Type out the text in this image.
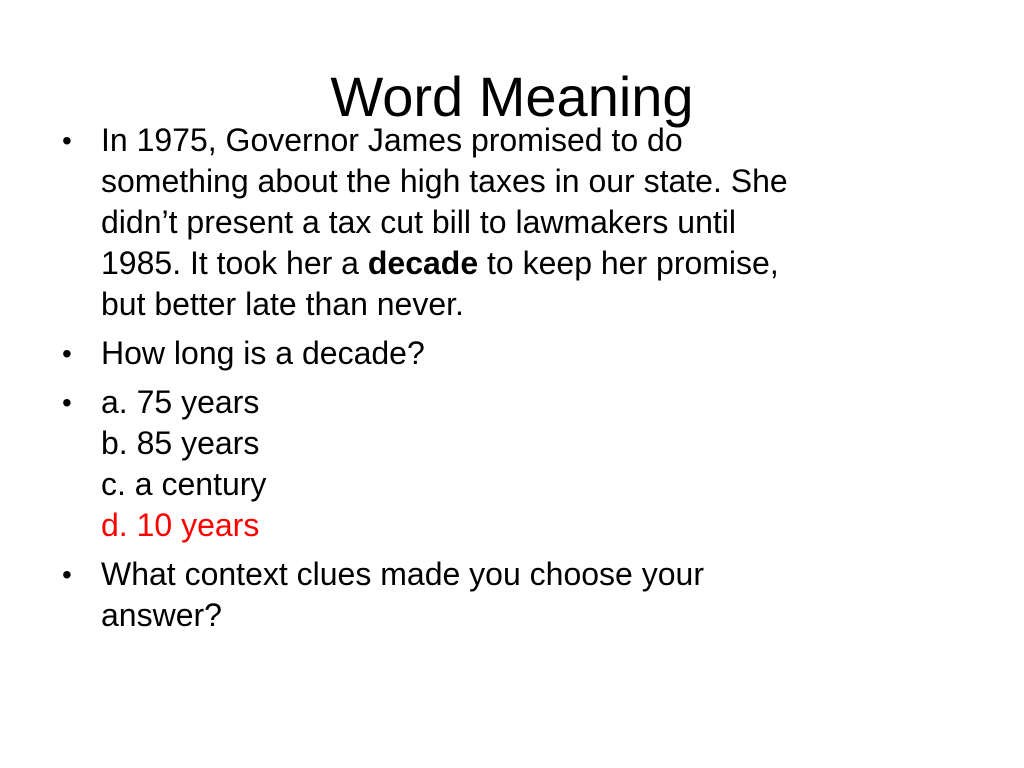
Word Meaning
• In 1975, Governor James promised to do
something about the high taxes in our state. She
didn’t present a tax cut bill to lawmakers until
1985. It took her a decade to keep her promise,
but better late than never.
• How long is a decade?
• a. 75 years
b. 85 years
c. a century
d. 10 years
• What context clues made you choose your
answer?
